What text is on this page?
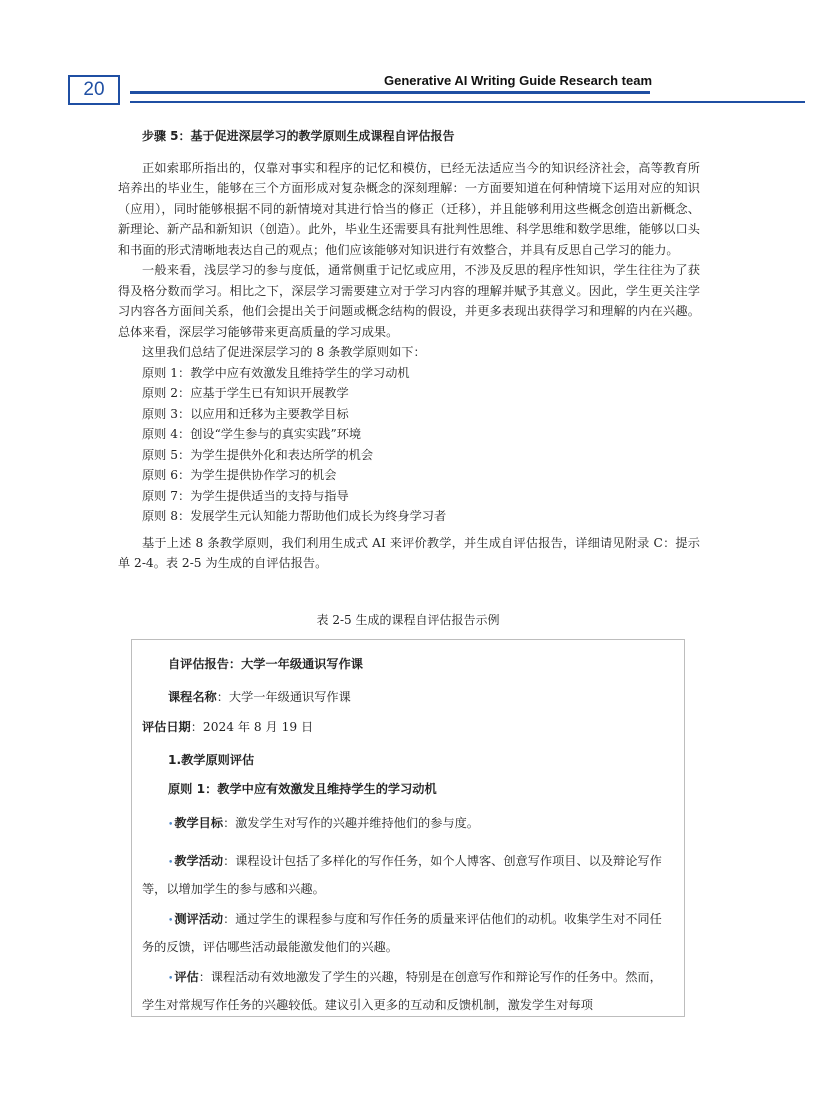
20	Generative AI Writing Guide Research team
步骤 5：基于促进深层学习的教学原则生成课程自评估报告

正如索耶所指出的，仅靠对事实和程序的记忆和模仿，已经无法适应当今的知识经济社会，高等教育所培养出的毕业生，能够在三个方面形成对复杂概念的深刻理解：一方面要知道在何种情境下运用对应的知识（应用），同时能够根据不同的新情境对其进行恰当的修正（迁移），并且能够利用这些概念创造出新概念、新理论、新产品和新知识（创造）。此外，毕业生还需要具有批判性思维、科学思维和数学思维，能够以口头和书面的形式清晰地表达自己的观点；他们应该能够对知识进行有效整合，并具有反思自己学习的能力。

一般来看，浅层学习的参与度低，通常侧重于记忆或应用，不涉及反思的程序性知识，学生往往为了获得及格分数而学习。相比之下，深层学习需要建立对于学习内容的理解并赋予其意义。因此，学生更关注学习内容各方面间关系，他们会提出关于问题或概念结构的假设，并更多表现出获得学习和理解的内在兴趣。总体来看，深层学习能够带来更高质量的学习成果。

这里我们总结了促进深层学习的 8 条教学原则如下：

原则 1：教学中应有效激发且维持学生的学习动机
原则 2：应基于学生已有知识开展教学
原则 3：以应用和迁移为主要教学目标
原则 4：创设“学生参与的真实实践”环境
原则 5：为学生提供外化和表达所学的机会
原则 6：为学生提供协作学习的机会
原则 7：为学生提供适当的支持与指导
原则 8：发展学生元认知能力帮助他们成长为终身学习者

基于上述 8 条教学原则，我们利用生成式 AI 来评价教学，并生成自评估报告，详细请见附录 C：提示单 2-4。表 2-5 为生成的自评估报告。

表 2-5 生成的课程自评估报告示例
自评估报告：大学一年级通识写作课
课程名称：大学一年级通识写作课
评估日期：2024 年 8 月 19 日
1.教学原则评估
原则 1：教学中应有效激发且维持学生的学习动机
•教学目标：激发学生对写作的兴趣并维持他们的参与度。
•教学活动：课程设计包括了多样化的写作任务，如个人博客、创意写作项目、以及辩论写作等，以增加学生的参与感和兴趣。
•测评活动：通过学生的课程参与度和写作任务的质量来评估他们的动机。收集学生对不同任务的反馈，评估哪些活动最能激发他们的兴趣。
•评估：课程活动有效地激发了学生的兴趣，特别是在创意写作和辩论写作的任务中。然而，学生对常规写作任务的兴趣较低。建议引入更多的互动和反馈机制，激发学生对每项
